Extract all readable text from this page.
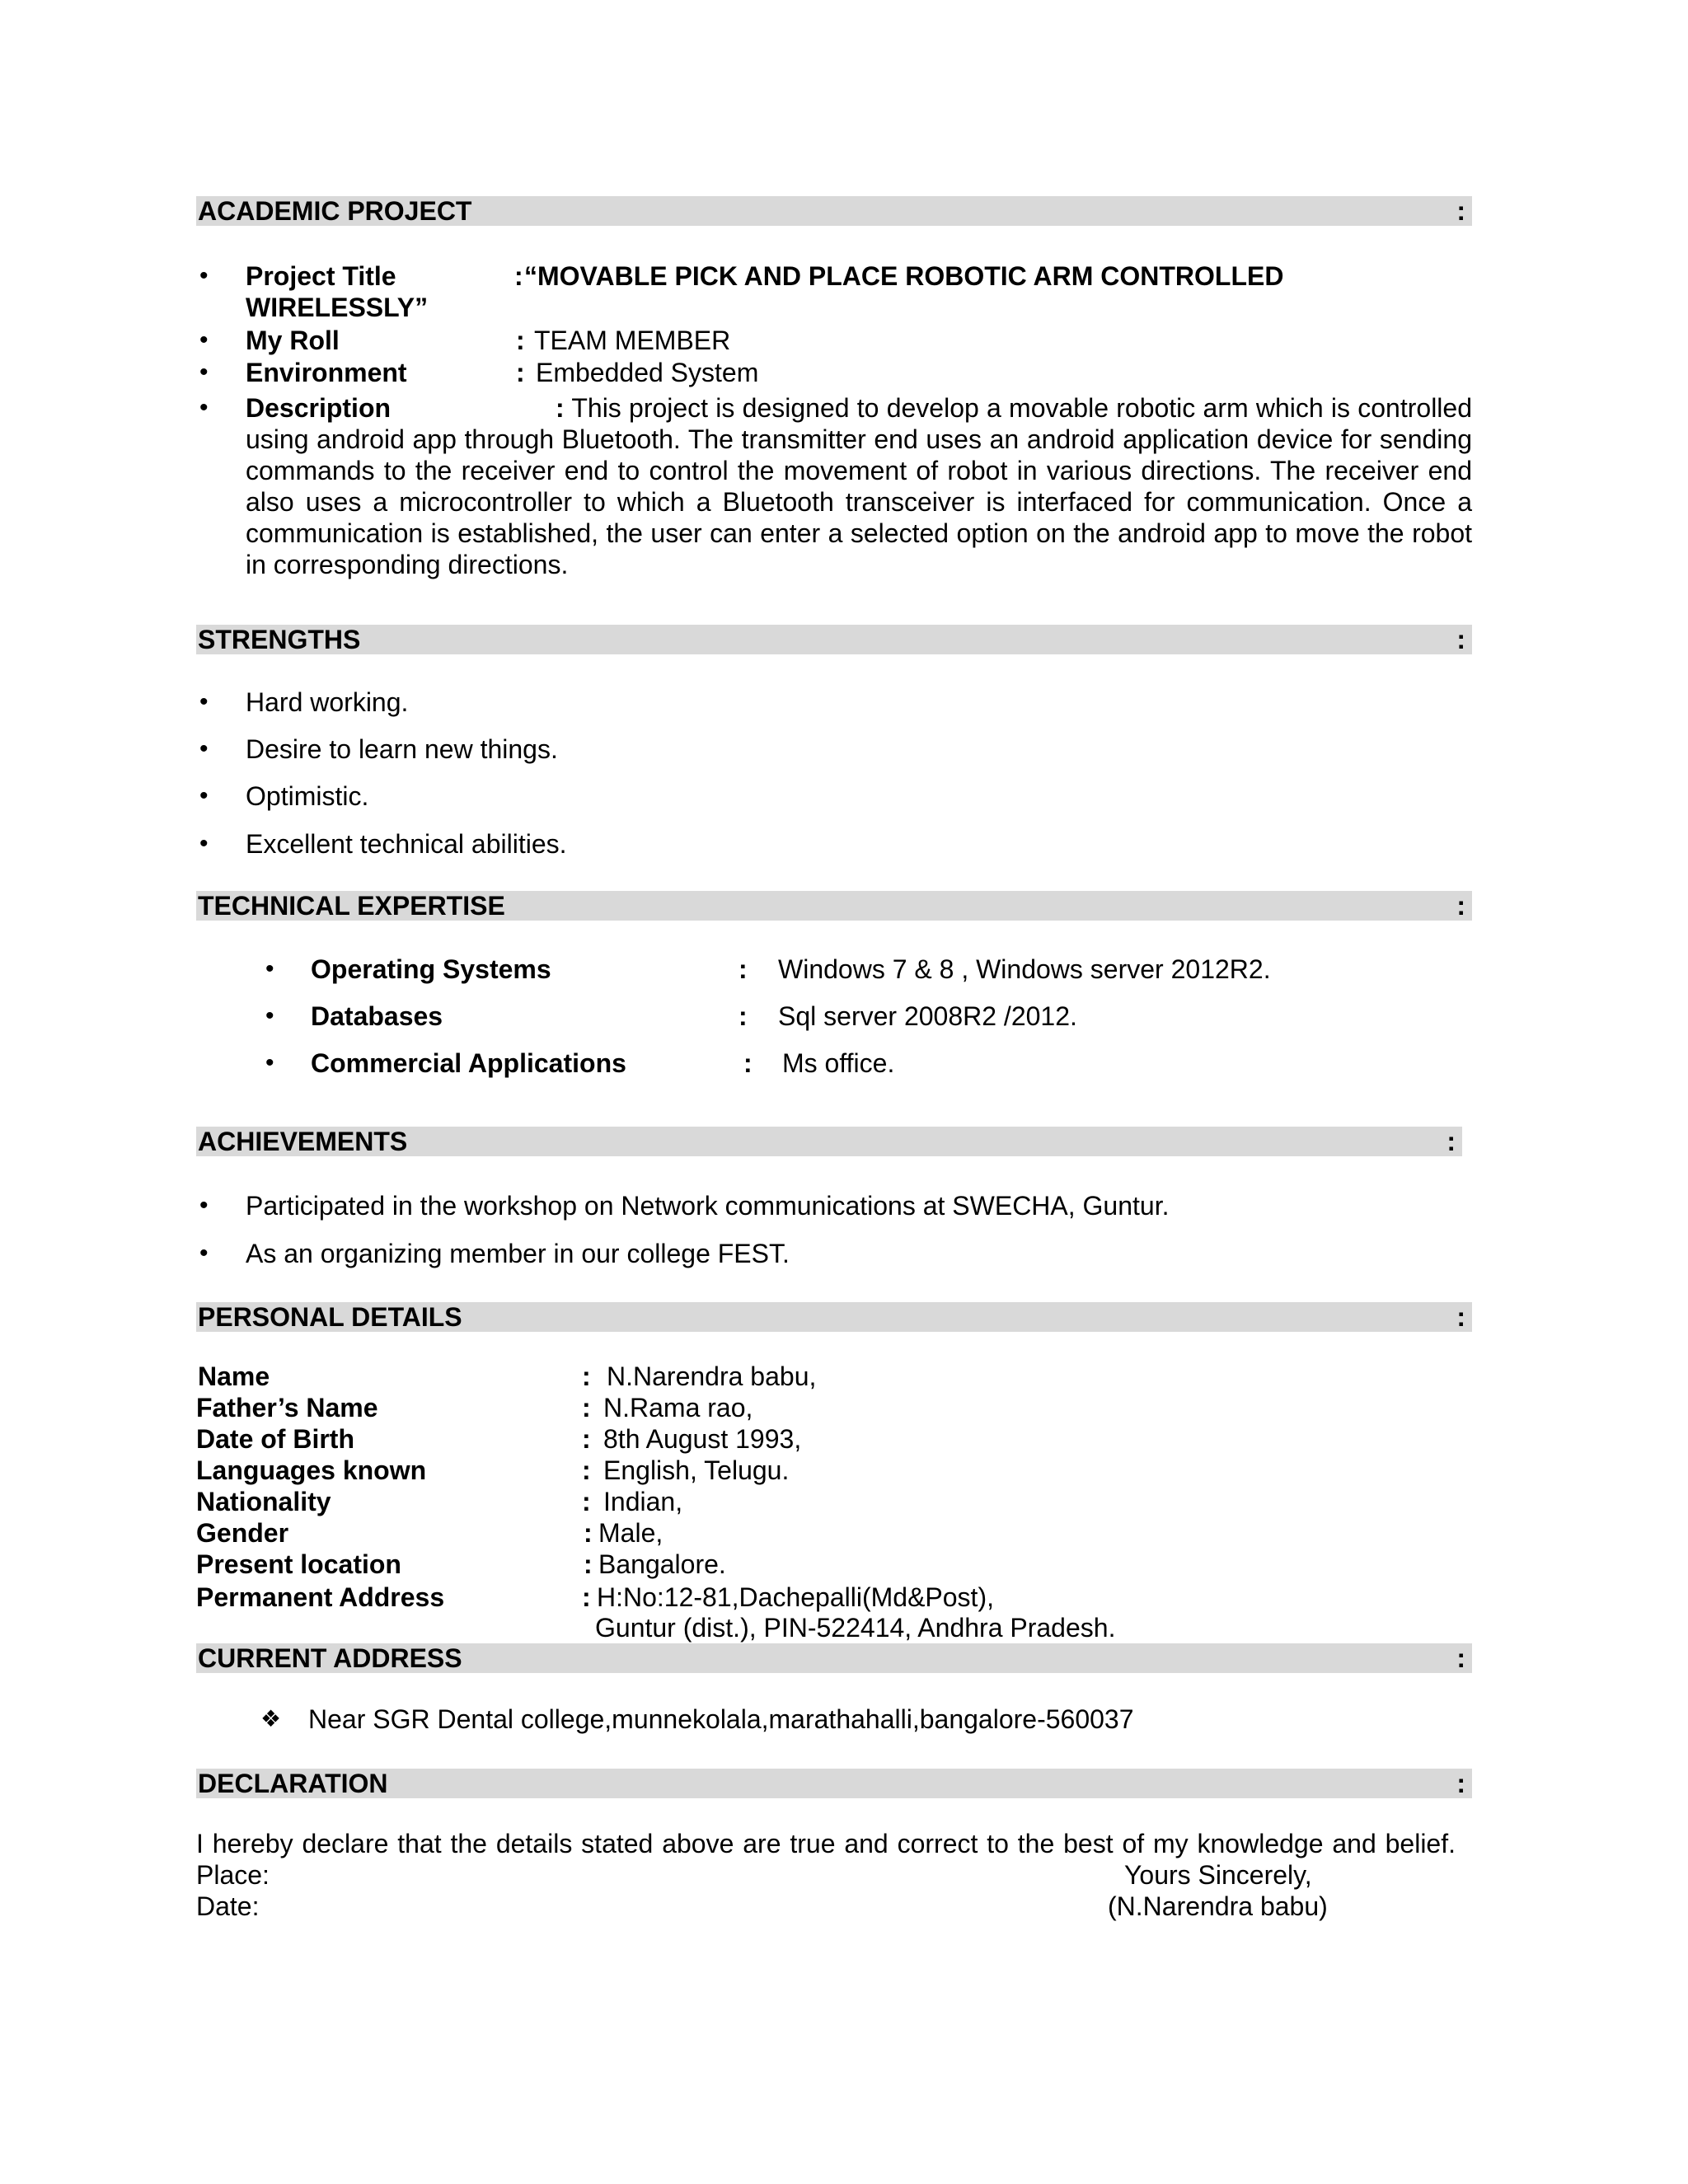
ACADEMIC PROJECT	:
• Project Title	: “MOVABLE PICK AND PLACE ROBOTIC ARM CONTROLLED
WIRELESSLY”
• My Roll	: TEAM MEMBER
• Environment	: Embedded System
• Description	: This project is designed to develop a movable robotic arm which is controlled using android app through Bluetooth. The transmitter end uses an android application device for sending commands to the receiver end to control the movement of robot in various directions. The receiver end also uses a microcontroller to which a Bluetooth transceiver is interfaced for communication. Once a communication is established, the user can enter a selected option on the android app to move the robot in corresponding directions.
STRENGTHS	:
• Hard working.
• Desire to learn new things.
• Optimistic.
• Excellent technical abilities.
TECHNICAL EXPERTISE	:
• Operating Systems	: Windows 7 & 8 , Windows server 2012R2.
• Databases	: Sql server 2008R2 /2012.
• Commercial Applications	: Ms office.
ACHIEVEMENTS	:
• Participated in the workshop on Network communications at SWECHA, Guntur.
• As an organizing member in our college FEST.
PERSONAL DETAILS	:
Name	: N.Narendra babu,
Father’s Name	: N.Rama rao,
Date of Birth	: 8th August 1993,
Languages known	: English, Telugu.
Nationality	: Indian,
Gender	: Male,
Present location	: Bangalore.
Permanent Address	: H:No:12-81,Dachepalli(Md&Post),
Guntur (dist.), PIN-522414, Andhra Pradesh.
CURRENT ADDRESS	:
❖ Near SGR Dental college,munnekolala,marathahalli,bangalore-560037
DECLARATION	:
I hereby declare that the details stated above are true and correct to the best of my knowledge and belief.
Place:	Yours Sincerely,
Date:	(N.Narendra babu)
